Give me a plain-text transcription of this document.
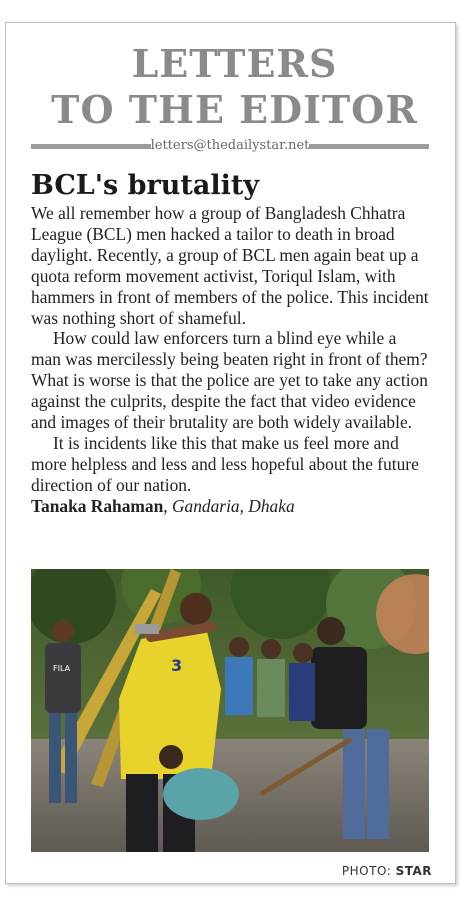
LETTERS
TO THE EDITOR
letters@thedailystar.net
BCL's brutality

We all remember how a group of Bangladesh Chhatra League (BCL) men hacked a tailor to death in broad daylight. Recently, a group of BCL men again beat up a quota reform movement activist, Toriqul Islam, with hammers in front of members of the police. This incident was nothing short of shameful.

How could law enforcers turn a blind eye while a man was mercilessly being beaten right in front of them? What is worse is that the police are yet to take any action against the culprits, despite the fact that video evidence and images of their brutality are both widely available.

It is incidents like this that make us feel more and more helpless and less and less hopeful about the future direction of our nation.

Tanaka Rahaman, Gandaria, Dhaka

FILA	3
PHOTO: STAR
